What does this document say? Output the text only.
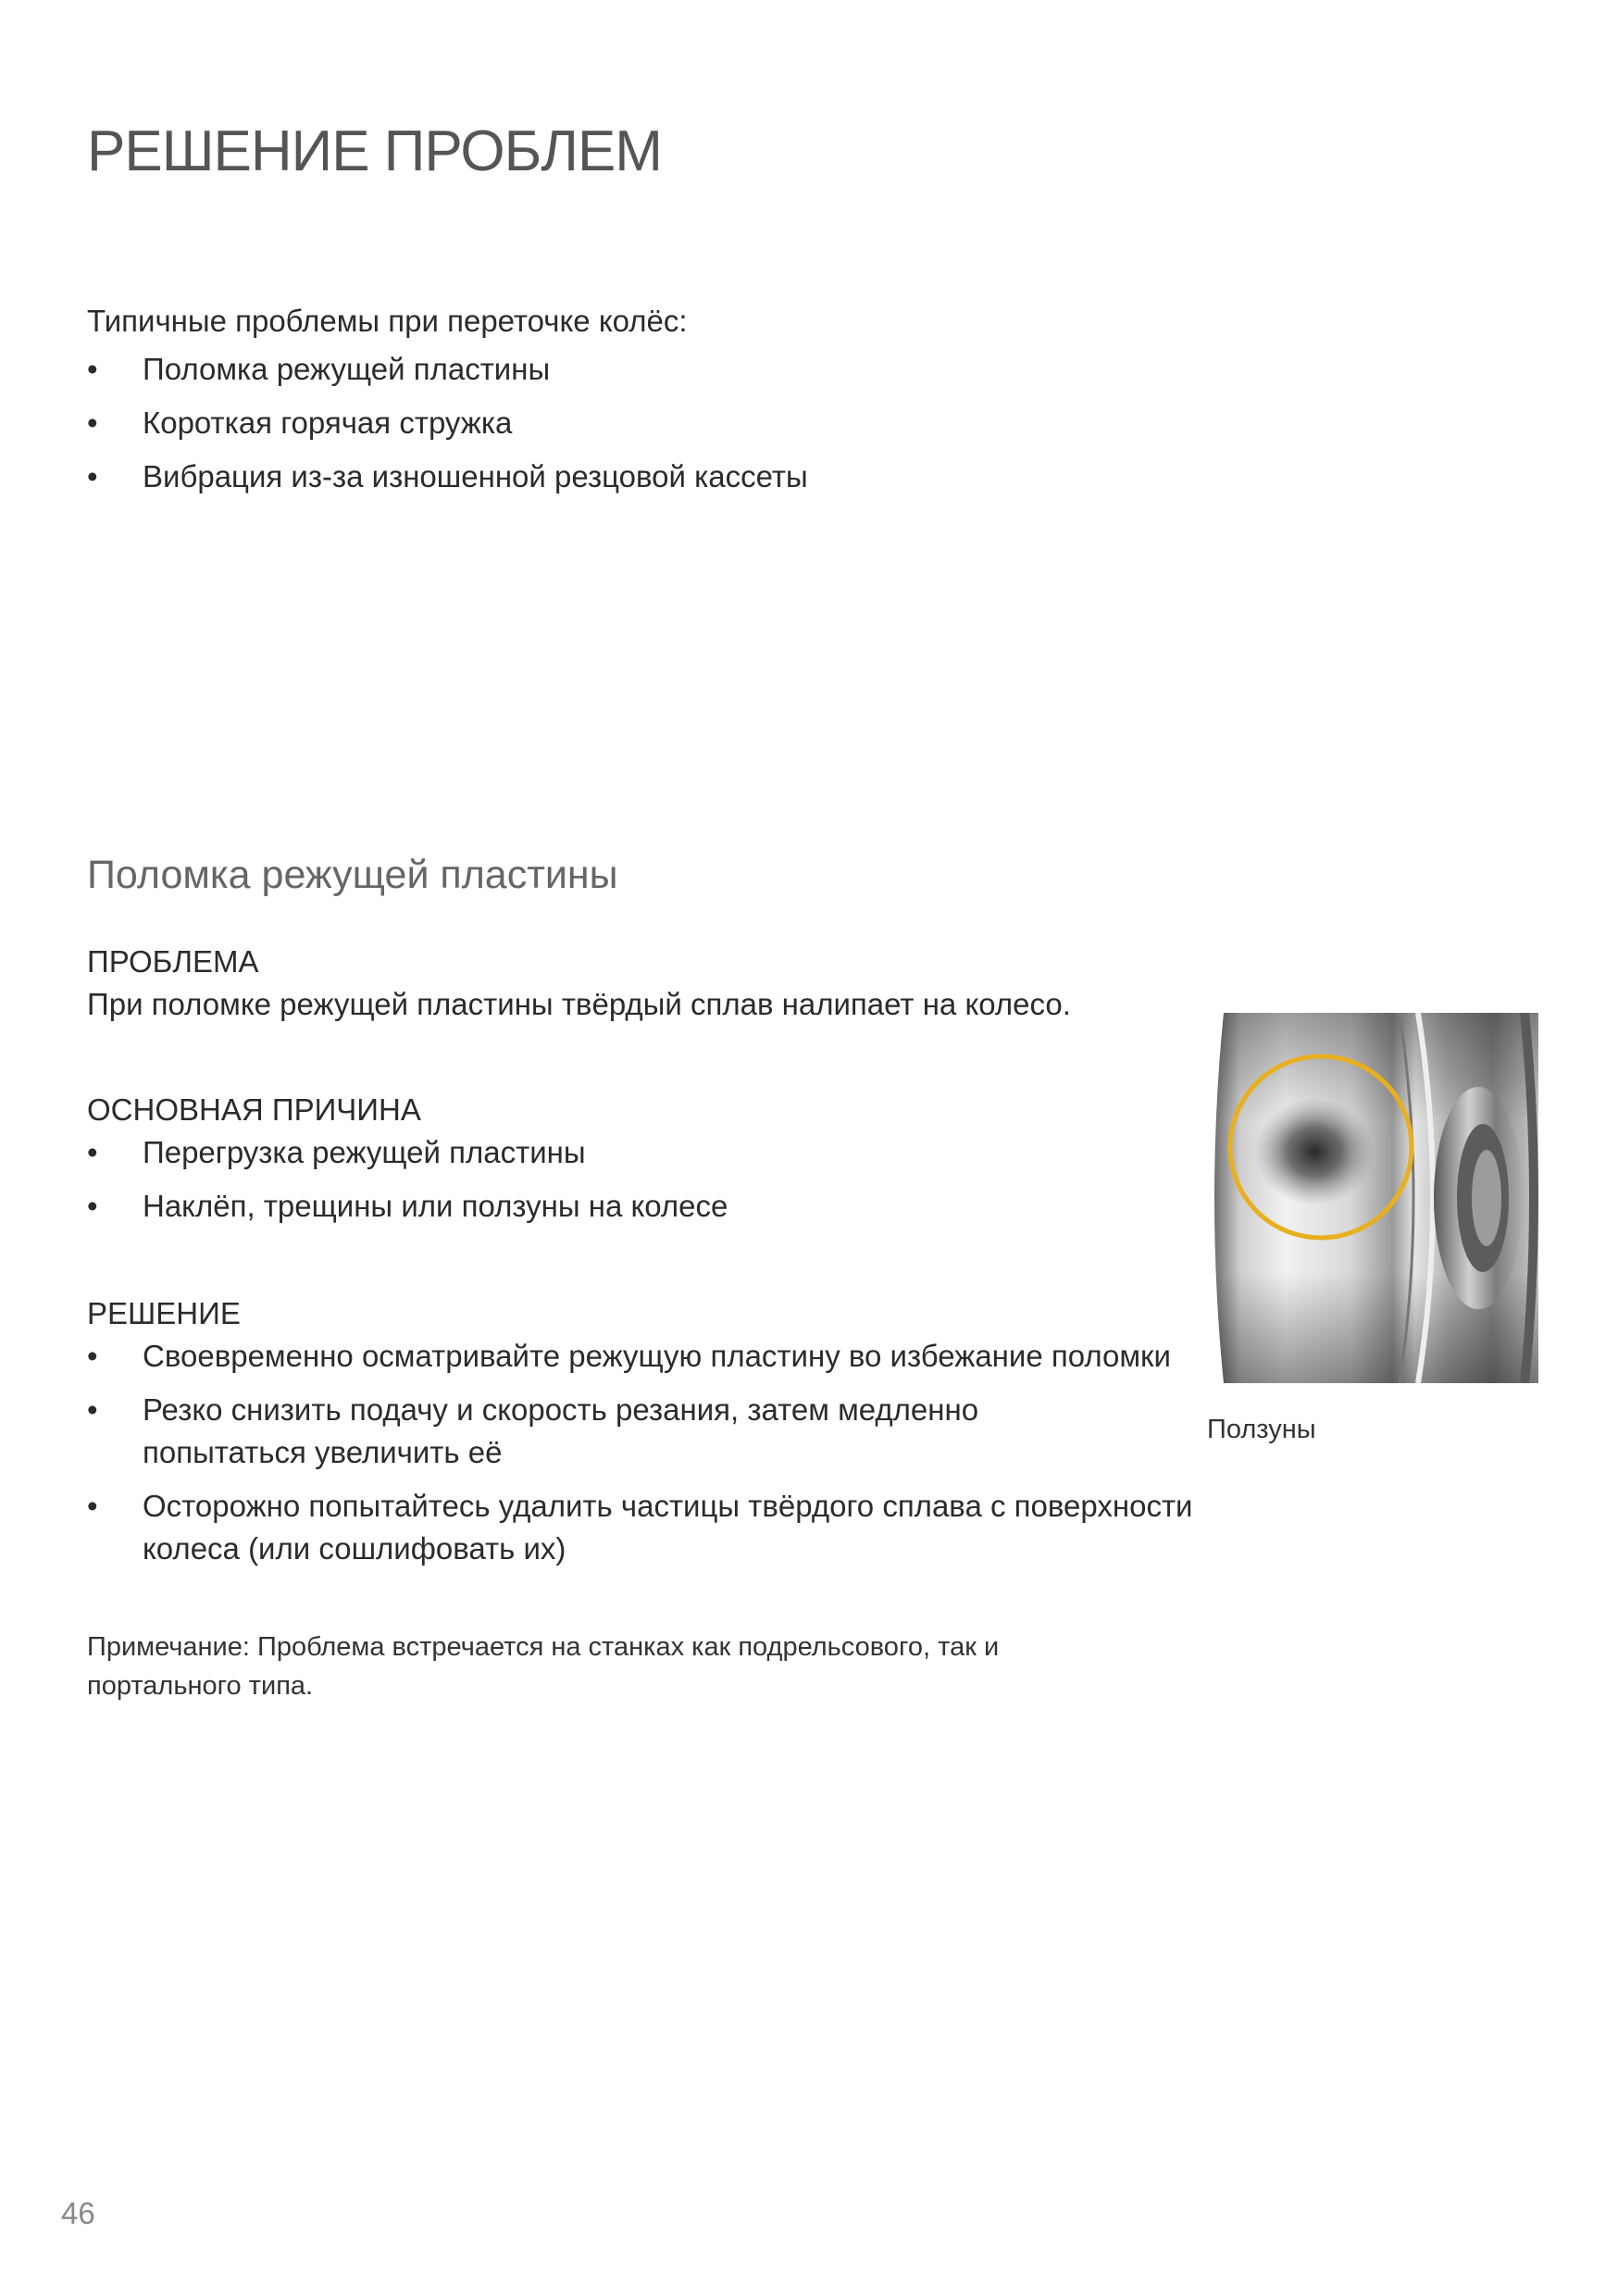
РЕШЕНИЕ ПРОБЛЕМ
Типичные проблемы при переточке колёс:
• Поломка режущей пластины
• Короткая горячая стружка
• Вибрация из-за изношенной резцовой кассеты
Поломка режущей пластины
ПРОБЛЕМА
При поломке режущей пластины твёрдый сплав налипает на колесо.
ОСНОВНАЯ ПРИЧИНА
• Перегрузка режущей пластины
• Наклёп, трещины или ползуны на колесе
РЕШЕНИЕ
• Своевременно осматривайте режущую пластину во избежание поломки
• Резко снизить подачу и скорость резания, затем медленно попытаться увеличить её
• Осторожно попытайтесь удалить частицы твёрдого сплава с поверхности колеса (или сошлифовать их)
Примечание: Проблема встречается на станках как подрельсового, так и портального типа.
Ползуны
46
